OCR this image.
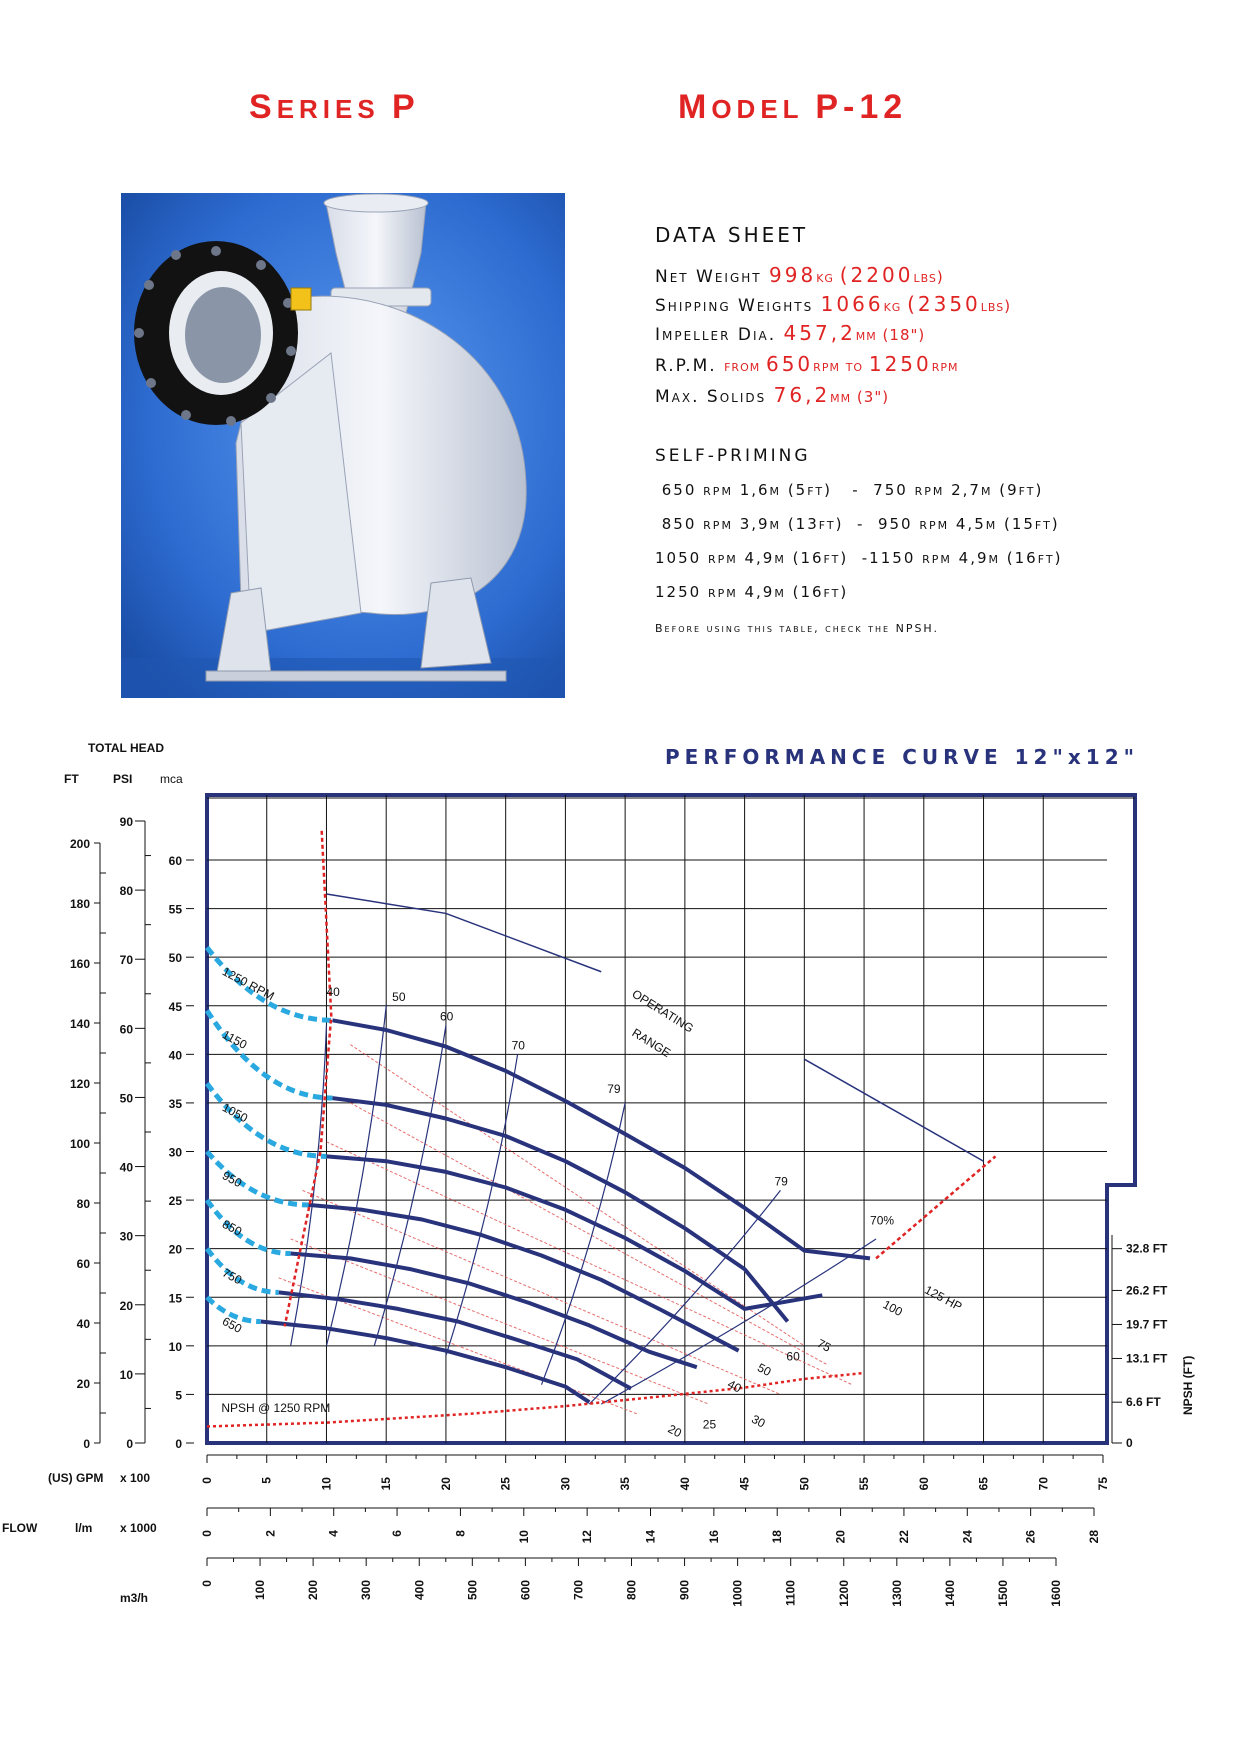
SERIES P	MODEL P-12
DATA SHEET
Net Weight 998kg (2200lbs)
Shipping Weights 1066kg (2350lbs)
Impeller Dia. 457,2mm (18")
R.P.M. from 650rpm to 1250rpm
Max. Solids 76,2mm (3")
SELF-PRIMING
650 rpm 1,6m (5ft)   -  750 rpm 2,7m (9ft)
850 rpm 3,9m (13ft)  -  950 rpm 4,5m (15ft)
1050 rpm 4,9m (16ft)  -1150 rpm 4,9m (16ft)
1250 rpm 4,9m (16ft)
Before using this table, check the NPSH.
PERFORMANCE CURVE 12"x12"
TOTAL HEAD
FT	PSI mca
0
20
40
60
80
100
120
140
160
180
200
0
10
20
30
40
50
60
70
80
90
0
5
10
15
20
25
30
35
40
45
50
55
60
32.8 FT
26.2 FT
19.7 FT
13.1 FT
6.6 FT
0
NPSH (FT)
0	5	10	15	20	25	30	35	40	45	50	55	60	65	70	75
0	2	4	6	8	10	12	14	16	18	20	22	24	26	28
0	100	200	300	400	500	600	700	800	900	1000	1100	1200	1300	1400	1500	1600
(US) GPM x 100
FLOW	l/m x 1000
m3/h
1250 RPM
1150
1050
950
850
750
650
OPERATING
RANGE
NPSH @ 1250 RPM
40	50
60
70
79
79
70%
125 HP
100
75
60
50
40
30
25
20
